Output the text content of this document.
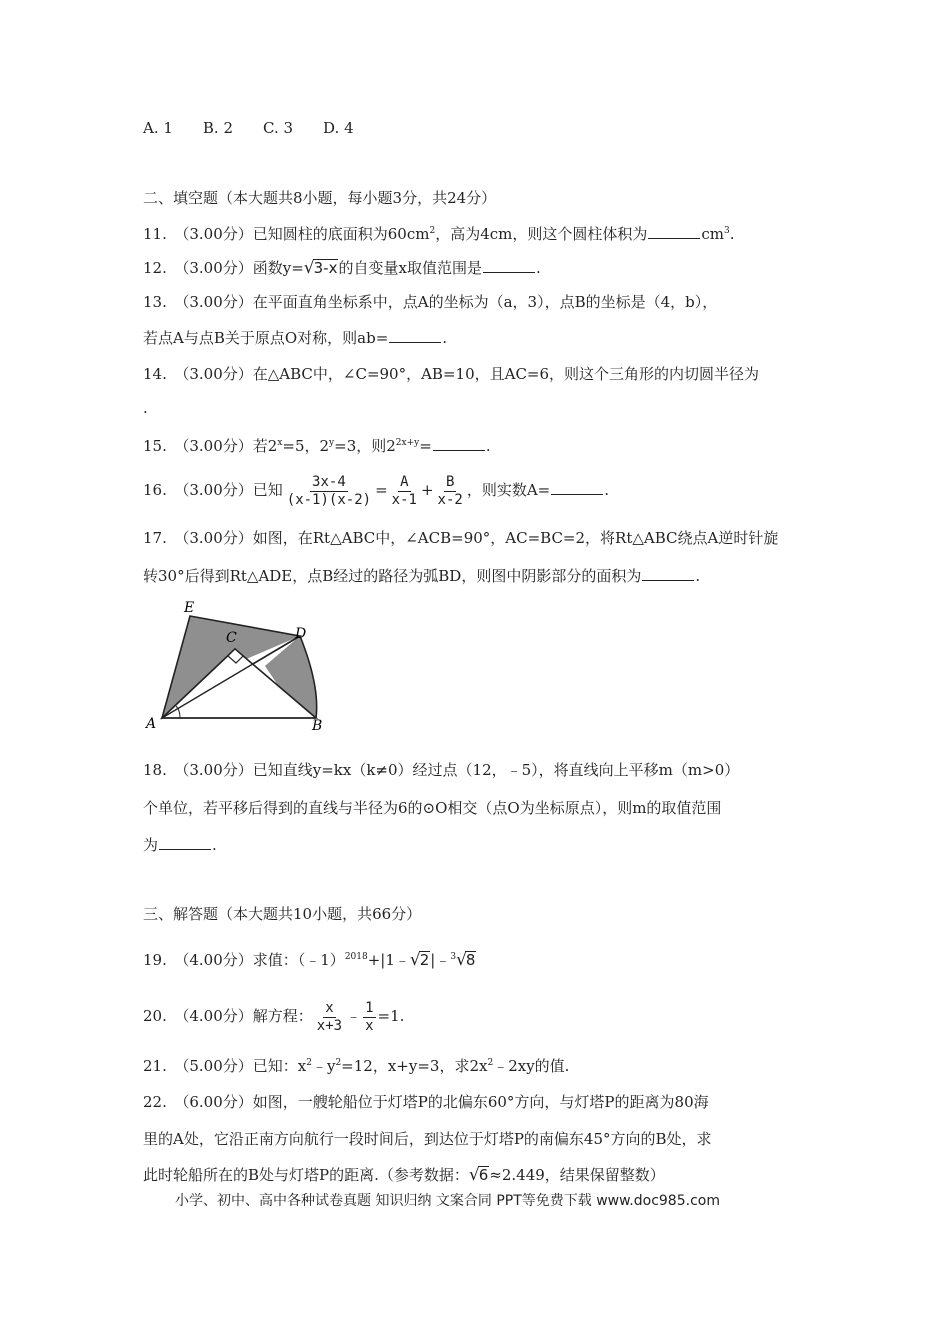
A. 1　　B. 2　　C. 3　　D. 4
二、填空题（本大题共8小题，每小题3分，共24分）
11.　（3.00分）已知圆柱的底面积为$60cm^2$，高为4cm，则这个圆柱体积为	$cm^3$.
12.　（3.00分）函数y=√3-x的自变量x取值范围是	.
13.　（3.00分）在平面直角坐标系中，点A的坐标为（a，3），点B的坐标是（4，b），
若点A与点B关于原点O对称，则ab=	.
14.　（3.00分）在△ABC中，∠C=90°，AB=10，且AC=6，则这个三角形的内切圆半径为
.
15.　（3.00分）若$2^x=5$，$2^y=3$，则$2^{2x+y}=$	.
16.　（3.00分）已知 $\frac{3x-4}{(x-1)(x-2)} = \frac{A}{x-1} + \frac{B}{x-2}$ ，则实数A=	.
17.　（3.00分）如图，在Rt△ABC中，∠ACB=90°，AC=BC=2，将Rt△ABC绕点A逆时针旋
转30°后得到Rt△ADE，点B经过的路径为弧BD，则图中阴影部分的面积为	.
E
C	D
A	B
18.　（3.00分）已知直线y=kx（k≠0）经过点（12，﹣5），将直线向上平移m（m>0）
个单位，若平移后得到的直线与半径为6的⊙O相交（点O为坐标原点），则m的取值范围
为	.
三、解答题（本大题共10小题，共66分）
19.　（4.00分）求值：（﹣1）$^{2018}$+|1﹣√2|﹣$^3$√8
20.　（4.00分）解方程： $\frac{x}{x+3}$ ﹣ $\frac{1}{x} =1$.
21.　（5.00分）已知：$x^2﹣y^2=12$，x+y=3，求$2x^2﹣2xy$的值.
22.　（6.00分）如图，一艘轮船位于灯塔P的北偏东60°方向，与灯塔P的距离为80海
里的A处，它沿正南方向航行一段时间后，到达位于灯塔P的南偏东45°方向的B处，求
此时轮船所在的B处与灯塔P的距离.（参考数据：√6≈2.449，结果保留整数）
小学、初中、高中各种试卷真题 知识归纳 文案合同 PPT等免费下载 www.doc985.com
